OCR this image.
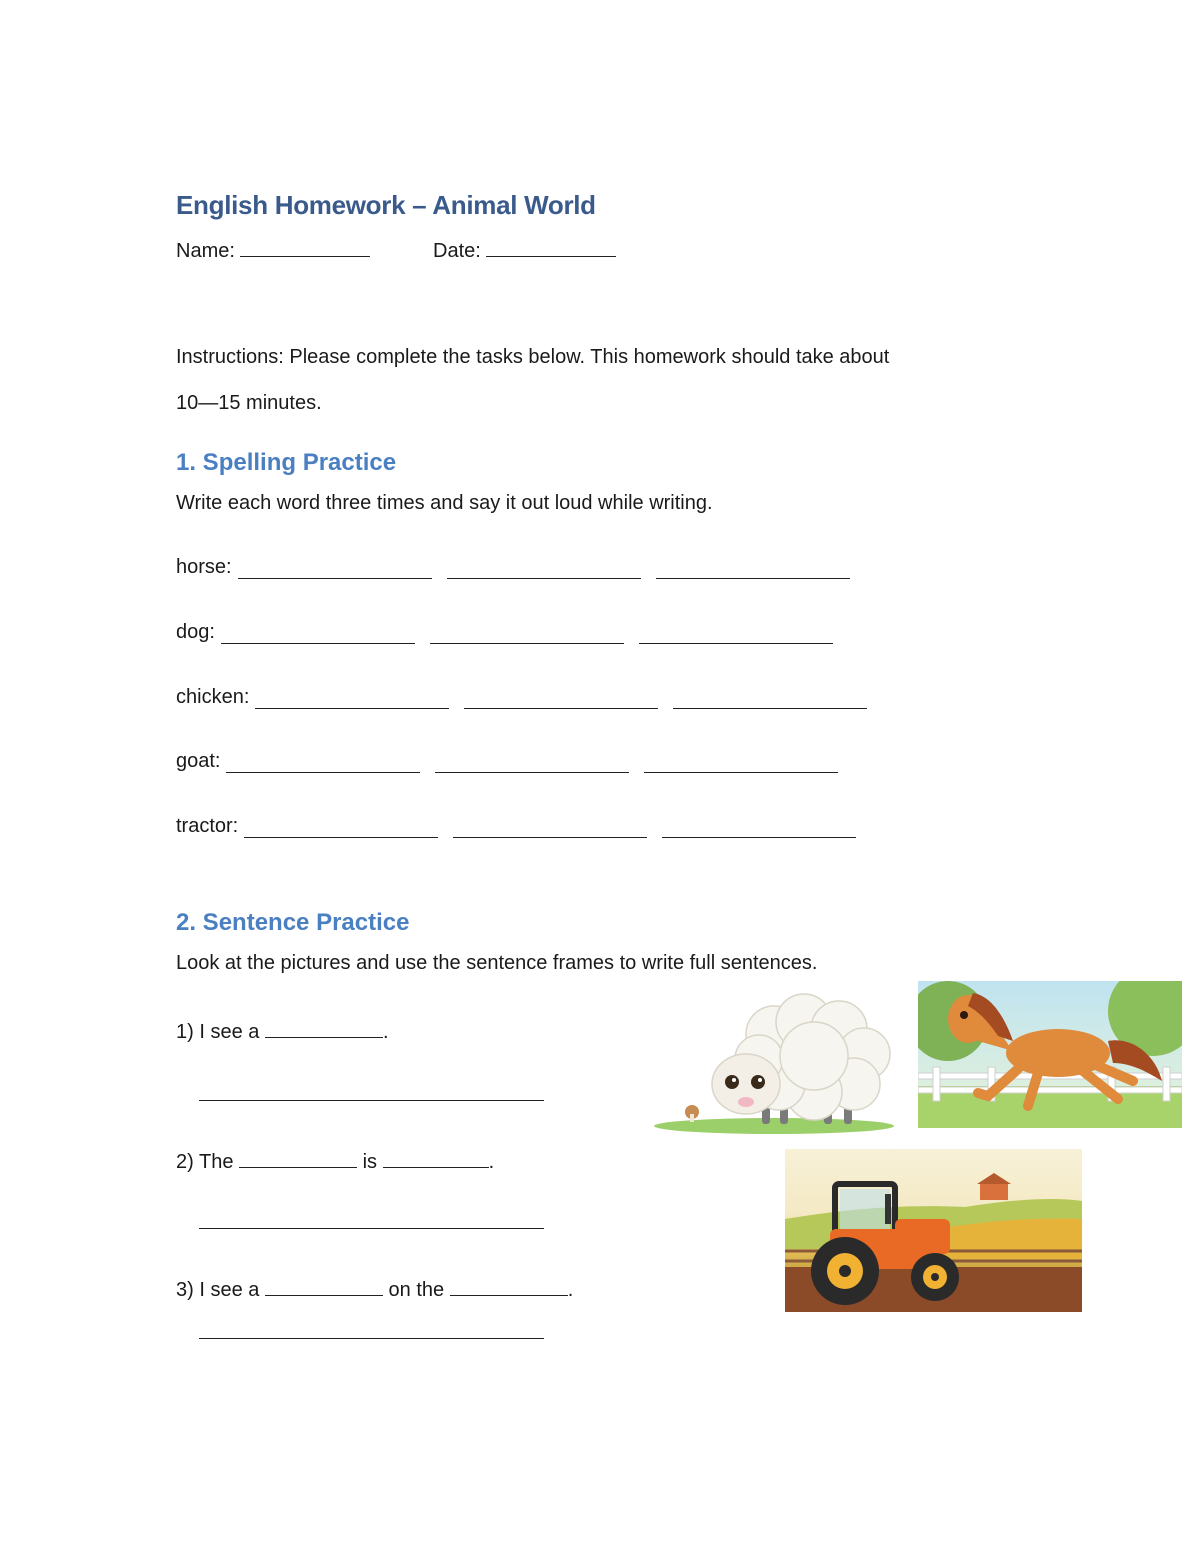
English Homework – Animal World
Name:	Date:
Instructions: Please complete the tasks below. This homework should take about
10—15 minutes.
1. Spelling Practice
Write each word three times and say it out loud while writing.
horse:
dog:
chicken:
goat:
tractor:
2. Sentence Practice
Look at the pictures and use the sentence frames to write full sentences.
1) I see a	.
2) The	is	.
3) I see a	on the	.
